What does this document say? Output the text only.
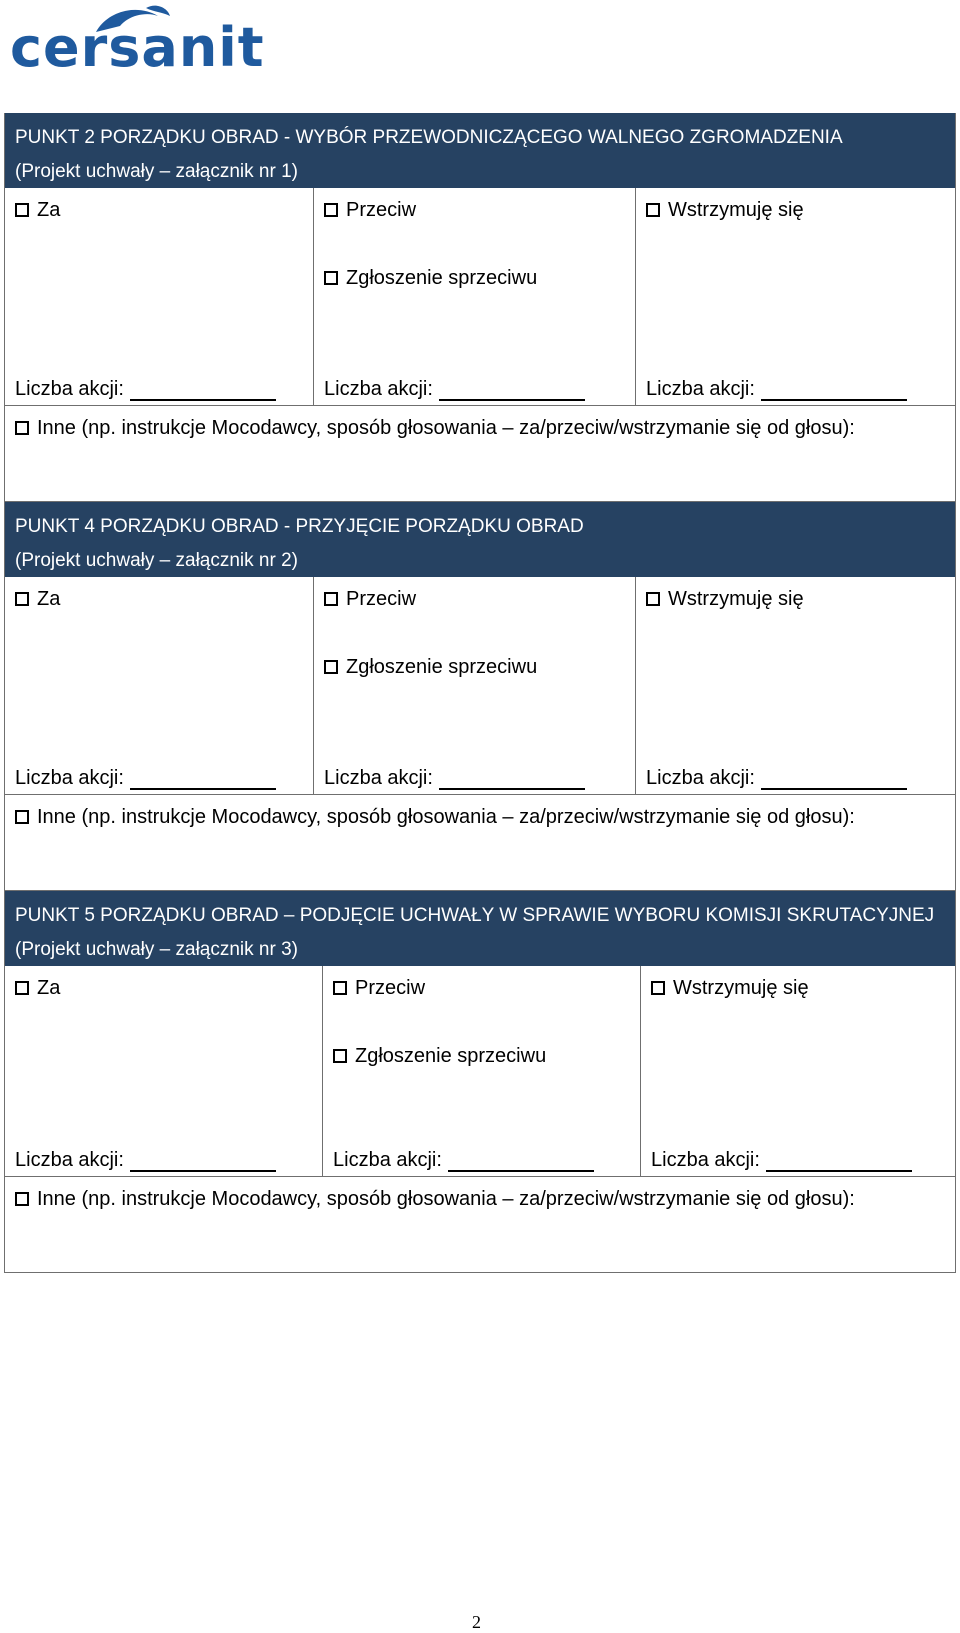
cersanit
PUNKT 2 PORZĄDKU OBRAD - WYBÓR PRZEWODNICZĄCEGO WALNEGO ZGROMADZENIA
(Projekt uchwały – załącznik nr 1)
Za
Liczba akcji:
Przeciw
Zgłoszenie sprzeciwu
Liczba akcji:
Wstrzymuję się
Liczba akcji:
Inne (np. instrukcje Mocodawcy, sposób głosowania – za/przeciw/wstrzymanie się od głosu):
PUNKT 4 PORZĄDKU OBRAD - PRZYJĘCIE PORZĄDKU OBRAD
(Projekt uchwały – załącznik nr 2)
Za
Liczba akcji:
Przeciw
Zgłoszenie sprzeciwu
Liczba akcji:
Wstrzymuję się
Liczba akcji:
Inne (np. instrukcje Mocodawcy, sposób głosowania – za/przeciw/wstrzymanie się od głosu):
PUNKT 5 PORZĄDKU OBRAD – PODJĘCIE UCHWAŁY W SPRAWIE WYBORU KOMISJI SKRUTACYJNEJ
(Projekt uchwały – załącznik nr 3)
Za
Liczba akcji:
Przeciw
Zgłoszenie sprzeciwu
Liczba akcji:
Wstrzymuję się
Liczba akcji:
Inne (np. instrukcje Mocodawcy, sposób głosowania – za/przeciw/wstrzymanie się od głosu):
2
